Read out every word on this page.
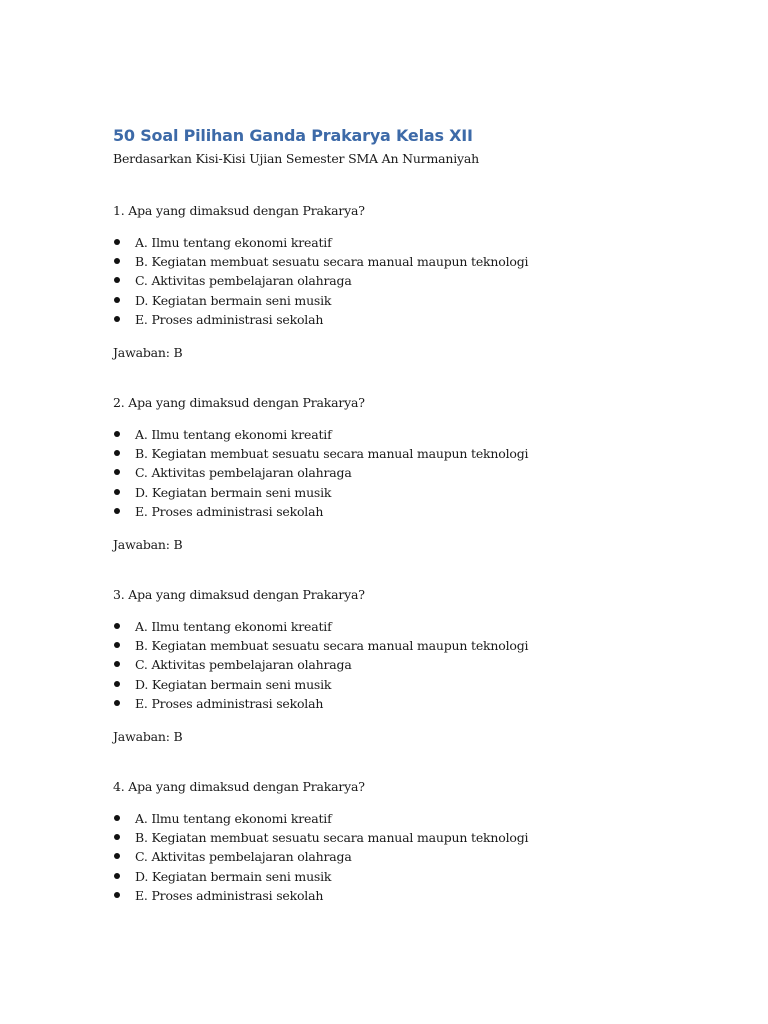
50 Soal Pilihan Ganda Prakarya Kelas XII

Berdasarkan Kisi-Kisi Ujian Semester SMA An Nurmaniyah

1. Apa yang dimaksud dengan Prakarya?

A. Ilmu tentang ekonomi kreatif
B. Kegiatan membuat sesuatu secara manual maupun teknologi
C. Aktivitas pembelajaran olahraga
D. Kegiatan bermain seni musik
E. Proses administrasi sekolah

Jawaban: B

2. Apa yang dimaksud dengan Prakarya?

A. Ilmu tentang ekonomi kreatif
B. Kegiatan membuat sesuatu secara manual maupun teknologi
C. Aktivitas pembelajaran olahraga
D. Kegiatan bermain seni musik
E. Proses administrasi sekolah

Jawaban: B

3. Apa yang dimaksud dengan Prakarya?

A. Ilmu tentang ekonomi kreatif
B. Kegiatan membuat sesuatu secara manual maupun teknologi
C. Aktivitas pembelajaran olahraga
D. Kegiatan bermain seni musik
E. Proses administrasi sekolah

Jawaban: B

4. Apa yang dimaksud dengan Prakarya?

A. Ilmu tentang ekonomi kreatif
B. Kegiatan membuat sesuatu secara manual maupun teknologi
C. Aktivitas pembelajaran olahraga
D. Kegiatan bermain seni musik
E. Proses administrasi sekolah
